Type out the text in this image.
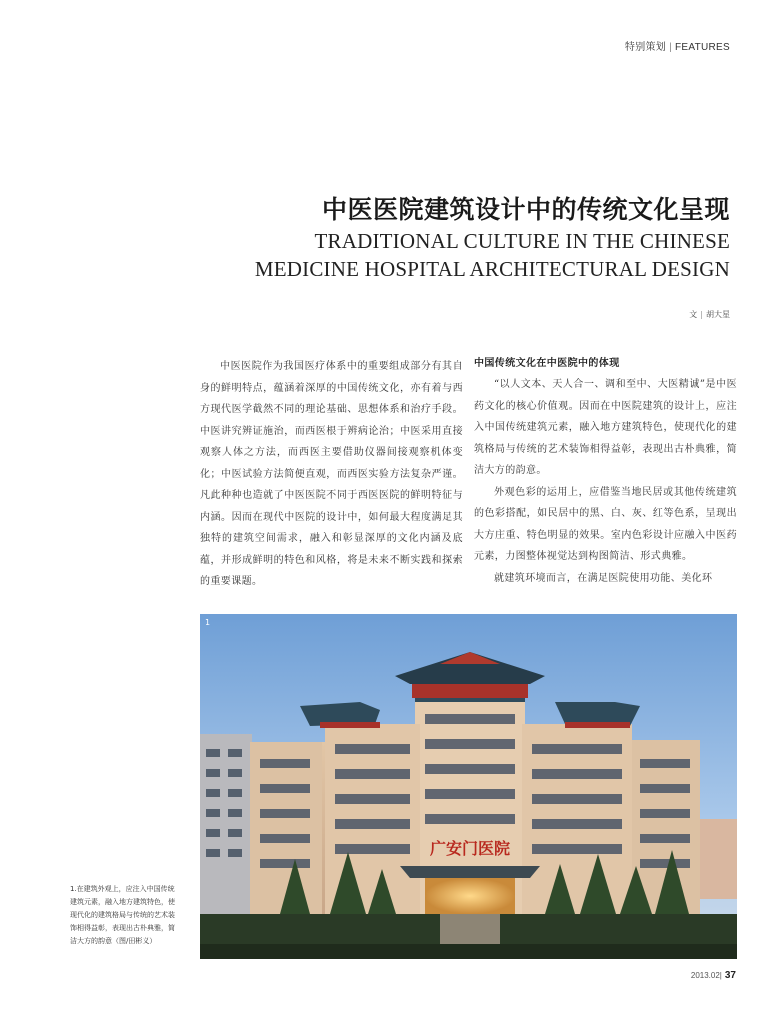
特别策划 | FEATURES
中医医院建筑设计中的传统文化呈现
TRADITIONAL CULTURE IN THE CHINESE
MEDICINE HOSPITAL ARCHITECTURAL DESIGN
文 | 胡大星

中医医院作为我国医疗体系中的重要组成部分有其自身的鲜明特点，蕴涵着深厚的中国传统文化，亦有着与西方现代医学截然不同的理论基础、思想体系和治疗手段。中医讲究辨证施治，而西医根于辨病论治；中医采用直接观察人体之方法，而西医主要借助仪器间接观察机体变化；中医试验方法简便直观，而西医实验方法复杂严谨。凡此种种也造就了中医医院不同于西医医院的鲜明特征与内涵。因而在现代中医院的设计中，如何最大程度满足其独特的建筑空间需求，融入和彰显深厚的文化内涵及底蕴，并形成鲜明的特色和风格，将是未来不断实践和探索的重要课题。

中国传统文化在中医院中的体现

“以人文本、天人合一、调和至中、大医精诚”是中医药文化的核心价值观。因而在中医院建筑的设计上，应注入中国传统建筑元素，融入地方建筑特色，使现代化的建筑格局与传统的艺术装饰相得益彰，表现出古朴典雅，简洁大方的韵意。

外观色彩的运用上，应借鉴当地民居或其他传统建筑的色彩搭配，如民居中的黑、白、灰、红等色系，呈现出大方庄重、特色明显的效果。室内色彩设计应融入中医药元素，力图整体视觉达到构图简洁、形式典雅。

就建筑环境而言，在满足医院使用功能、美化环

广安门医院
1
1.在建筑外观上，应注入中国传统建筑元素，融入地方建筑特色，使现代化的建筑格局与传统的艺术装饰相得益彰，表现出古朴典雅，简洁大方的韵意（图/田彬义）
2013.02| 37
